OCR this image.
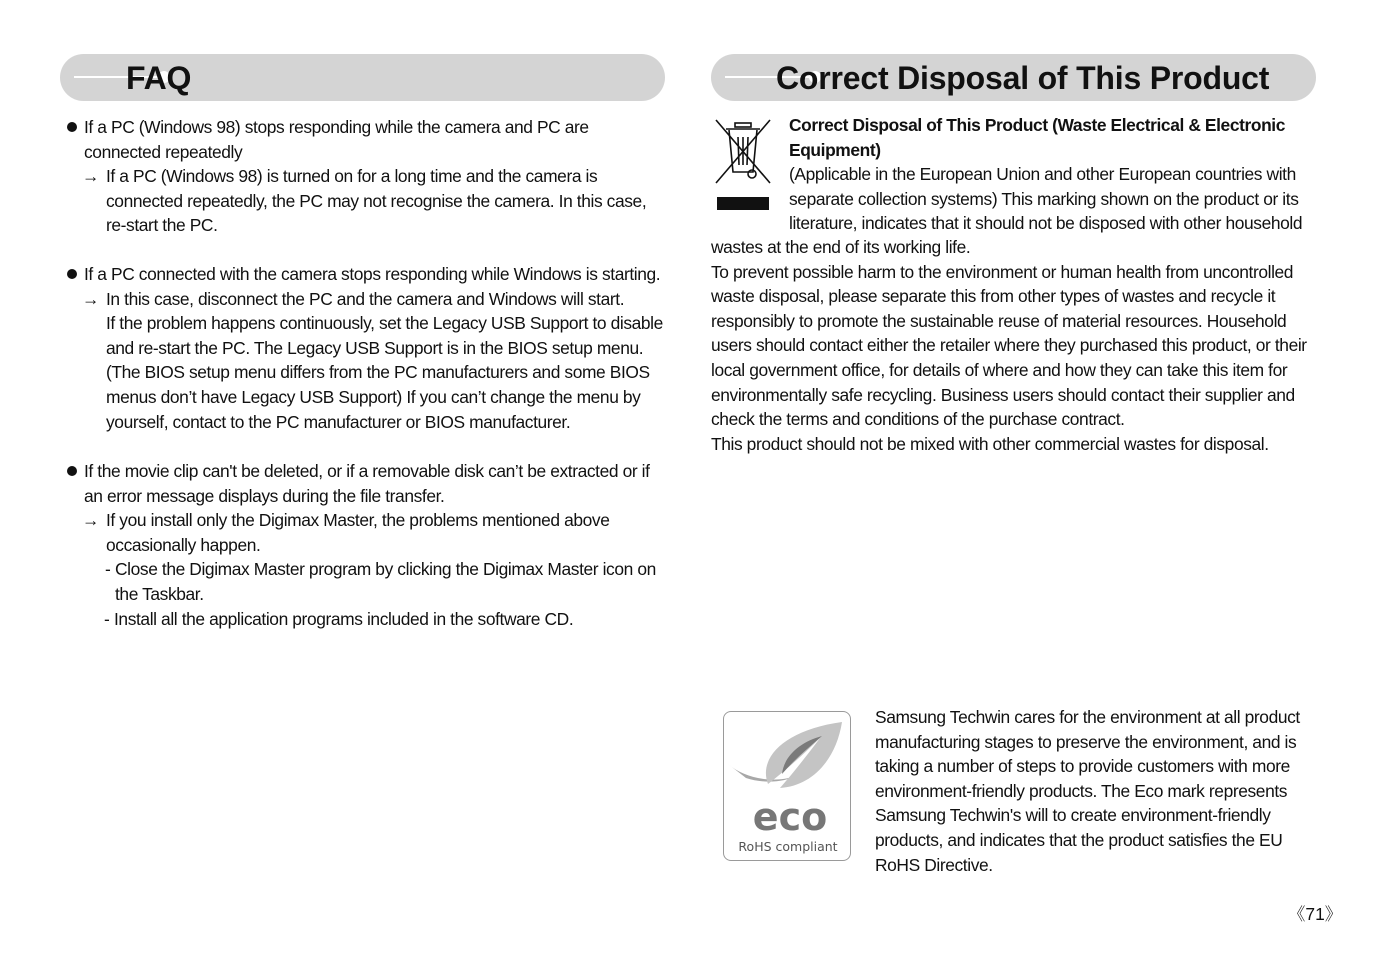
FAQ
If a PC (Windows 98) stops responding while the camera and PC are connected repeatedly
→ If a PC (Windows 98) is turned on for a long time and the camera is connected repeatedly, the PC may not recognise the camera. In this case, re-start the PC.
If a PC connected with the camera stops responding while Windows is starting.
→ In this case, disconnect the PC and the camera and Windows will start.
If the problem happens continuously, set the Legacy USB Support to disable and re-start the PC. The Legacy USB Support is in the BIOS setup menu. (The BIOS setup menu differs from the PC manufacturers and some BIOS menus don’t have Legacy USB Support) If you can’t change the menu by yourself, contact to the PC manufacturer or BIOS manufacturer.
If the movie clip can't be deleted, or if a removable disk can’t be extracted or if an error message displays during the file transfer.
→ If you install only the Digimax Master, the problems mentioned above occasionally happen.
- Close the Digimax Master program by clicking the Digimax Master icon on the Taskbar.
- Install all the application programs included in the software CD.
Correct Disposal of This Product
Correct Disposal of This Product (Waste Electrical & Electronic Equipment)
(Applicable in the European Union and other European countries with separate collection systems) This marking shown on the product or its literature, indicates that it should not be disposed with other household
wastes at the end of its working life.
To prevent possible harm to the environment or human health from uncontrolled waste disposal, please separate this from other types of wastes and recycle it responsibly to promote the sustainable reuse of material resources. Household users should contact either the retailer where they purchased this product, or their local government office, for details of where and how they can take this item for environmentally safe recycling. Business users should contact their supplier and check the terms and conditions of the purchase contract.
This product should not be mixed with other commercial wastes for disposal.
eco
RoHS compliant
Samsung Techwin cares for the environment at all product manufacturing stages to preserve the environment, and is taking a number of steps to provide customers with more environment-friendly products. The Eco mark represents Samsung Techwin's will to create environment-friendly products, and indicates that the product satisfies the EU RoHS Directive.
《71》
